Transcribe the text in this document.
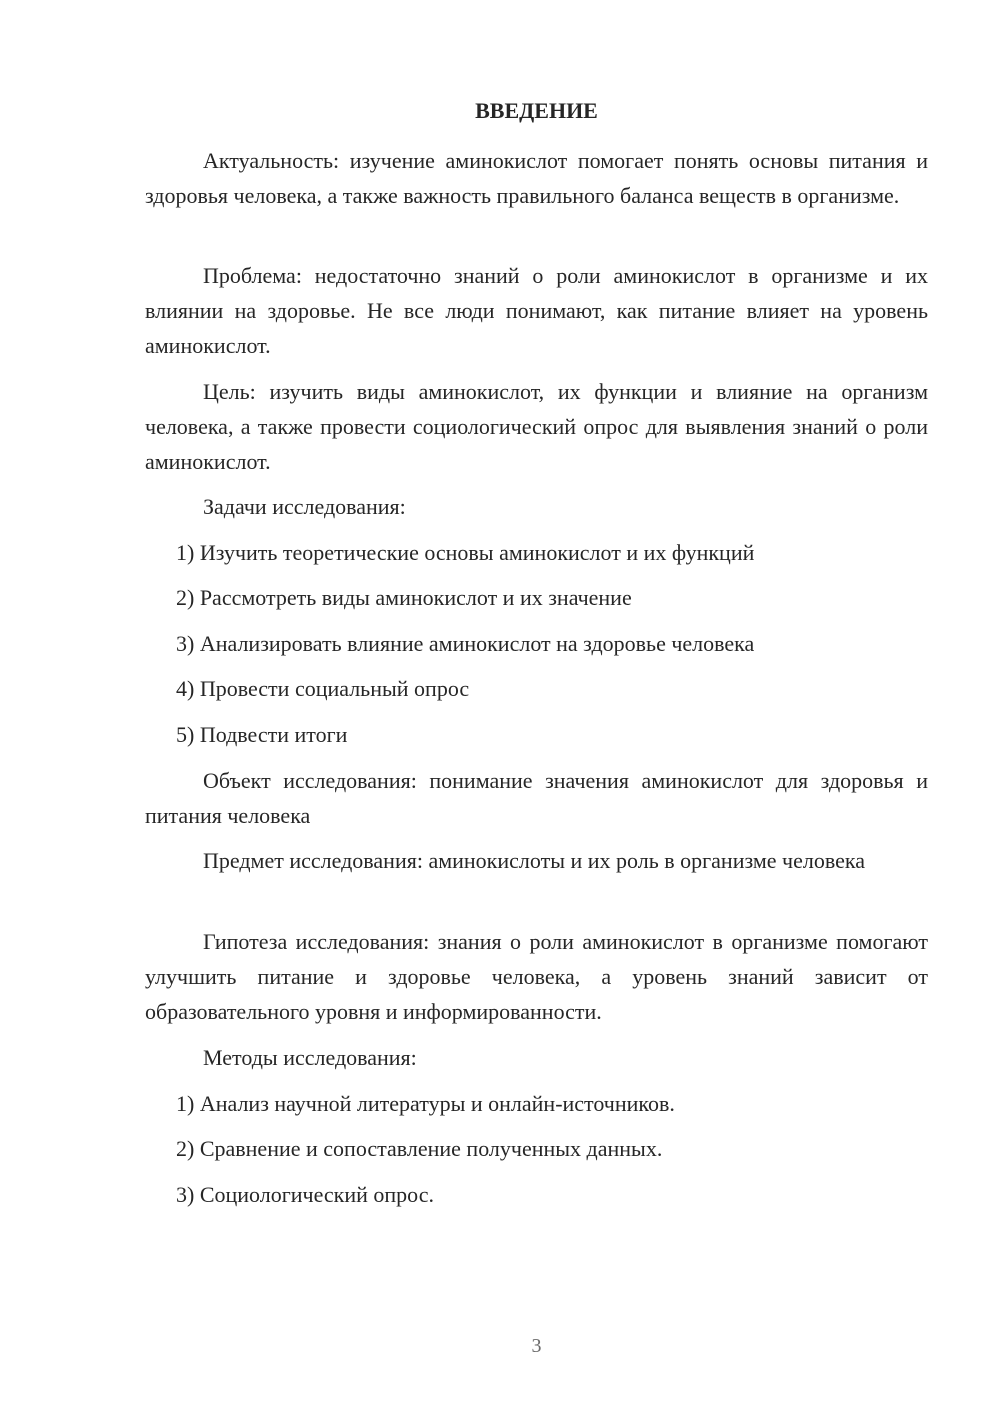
ВВЕДЕНИЕ

Актуальность: изучение аминокислот помогает понять основы питания и здоровья человека, а также важность правильного баланса веществ в организме.

Проблема: недостаточно знаний о роли аминокислот в организме и их влиянии на здоровье. Не все люди понимают, как питание влияет на уровень аминокислот.

Цель: изучить виды аминокислот, их функции и влияние на организм человека, а также провести социологический опрос для выявления знаний о роли аминокислот.

Задачи исследования:

1) Изучить теоретические основы аминокислот и их функций

2) Рассмотреть виды аминокислот и их значение

3) Анализировать влияние аминокислот на здоровье человека

4) Провести социальный опрос

5) Подвести итоги

Объект исследования: понимание значения аминокислот для здоровья и питания человека

Предмет исследования: аминокислоты и их роль в организме человека

Гипотеза исследования: знания о роли аминокислот в организме помогают улучшить питание и здоровье человека, а уровень знаний зависит от образовательного уровня и информированности.

Методы исследования:

1) Анализ научной литературы и онлайн-источников.

2) Сравнение и сопоставление полученных данных.

3) Социологический опрос.

3
